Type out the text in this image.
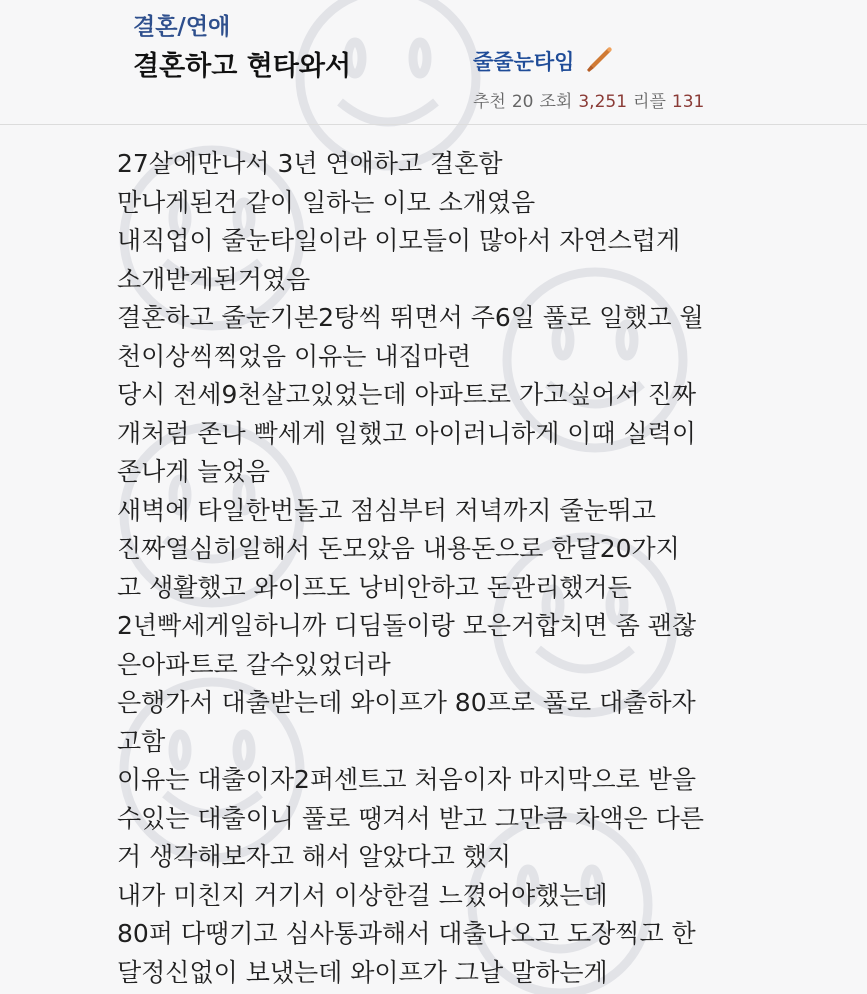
결혼/연애
결혼하고 현타와서	줄줄눈타임
추천 20 조회 3,251 리플 131
27살에만나서 3년 연애하고 결혼함
만나게된건 같이 일하는 이모 소개였음
내직업이 줄눈타일이라 이모들이 많아서 자연스럽게
소개받게된거였음
결혼하고 줄눈기본2탕씩 뛰면서 주6일 풀로 일했고 월
천이상씩찍었음 이유는 내집마련
당시 전세9천살고있었는데 아파트로 가고싶어서 진짜
개처럼 존나 빡세게 일했고 아이러니하게 이때 실력이
존나게 늘었음
새벽에 타일한번돌고 점심부터 저녁까지 줄눈뛰고
진짜열심히일해서 돈모았음 내용돈으로 한달20가지
고 생활했고 와이프도 낭비안하고 돈관리했거든
2년빡세게일하니까 디딤돌이랑 모은거합치면 좀 괜찮
은아파트로 갈수있었더라
은행가서 대출받는데 와이프가 80프로 풀로 대출하자
고함
이유는 대출이자2퍼센트고 처음이자 마지막으로 받을
수있는 대출이니 풀로 땡겨서 받고 그만큼 차액은 다른
거 생각해보자고 해서 알았다고 했지
내가 미친지 거기서 이상한걸 느꼈어야했는데
80퍼 다땡기고 심사통과해서 대출나오고 도장찍고 한
달정신없이 보냈는데 와이프가 그날 말하는게
